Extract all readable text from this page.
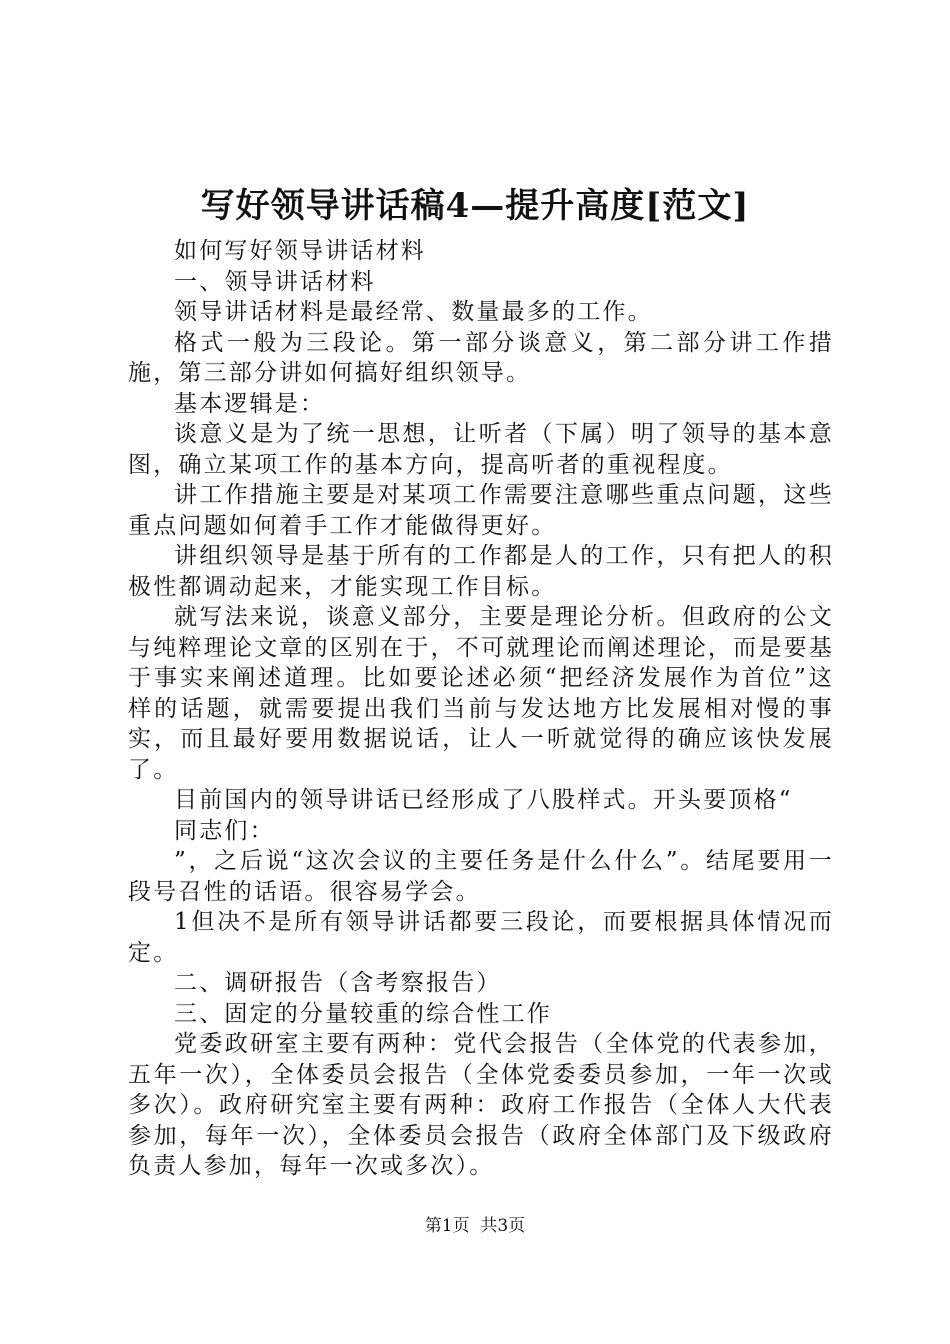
写好领导讲话稿4—提升高度[范文]

如何写好领导讲话材料

一、领导讲话材料

领导讲话材料是最经常、数量最多的工作。

格式一般为三段论。第一部分谈意义，第二部分讲工作措施，第三部分讲如何搞好组织领导。

基本逻辑是：

谈意义是为了统一思想，让听者（下属）明了领导的基本意图，确立某项工作的基本方向，提高听者的重视程度。

讲工作措施主要是对某项工作需要注意哪些重点问题，这些重点问题如何着手工作才能做得更好。

讲组织领导是基于所有的工作都是人的工作，只有把人的积极性都调动起来，才能实现工作目标。

就写法来说，谈意义部分，主要是理论分析。但政府的公文与纯粹理论文章的区别在于，不可就理论而阐述理论，而是要基于事实来阐述道理。比如要论述必须“把经济发展作为首位”这样的话题，就需要提出我们当前与发达地方比发展相对慢的事实，而且最好要用数据说话，让人一听就觉得的确应该快发展了。

目前国内的领导讲话已经形成了八股样式。开头要顶格“

同志们：

”，之后说“这次会议的主要任务是什么什么”。结尾要用一段号召性的话语。很容易学会。

1但决不是所有领导讲话都要三段论，而要根据具体情况而定。

二、调研报告（含考察报告）

三、固定的分量较重的综合性工作

党委政研室主要有两种：党代会报告（全体党的代表参加，五年一次），全体委员会报告（全体党委委员参加，一年一次或多次）。政府研究室主要有两种：政府工作报告（全体人大代表参加，每年一次），全体委员会报告（政府全体部门及下级政府负责人参加，每年一次或多次）。

第1页 共3页
